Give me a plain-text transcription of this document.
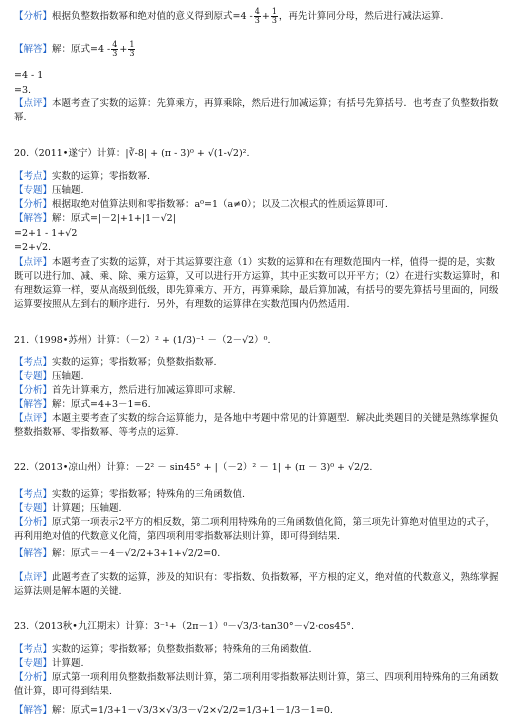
【分析】根据负整数指数幂和绝对值的意义得到原式$=4 - \frac{4}{3} + \frac{1}{3}$ ，再先计算同分母，然后进行减法运算.
【解答】解：原式$=4 - \frac{4}{3} + \frac{1}{3}$
=4 - 1
=3.
【点评】本题考查了实数的运算：先算乘方，再算乘除，然后进行加减运算；有括号先算括号．也考查了负整数指数
幂.
20.（2011•遂宁）计算：|∛-8| + (π - 3)⁰ + √(1-√2)².
【考点】实数的运算；零指数幂.
【专题】压轴题.
【分析】根据取绝对值算法则和零指数幂：a⁰=1（a≠0）；以及二次根式的性质运算即可.
【解答】解：原式=|－2|+1+|1－√2|
=2+1 - 1+√2
=2+√2.
【点评】本题考查了实数的运算，对于其运算要注意（1）实数的运算和在有理数范围内一样，值得一提的是，实数
既可以进行加、减、乘、除、乘方运算，又可以进行开方运算，其中正实数可以开平方；（2）在进行实数运算时，和
有理数运算一样，要从高级到低级，即先算乘方、开方，再算乘除，最后算加减，有括号的要先算括号里面的，同级
运算要按照从左到右的顺序进行．另外，有理数的运算律在实数范围内仍然适用.
21.（1998•苏州）计算：（－2）² + (1/3)⁻¹ －（2－√2）⁰.
【考点】实数的运算；零指数幂；负整数指数幂.
【专题】压轴题.
【分析】首先计算乘方，然后进行加减运算即可求解.
【解答】解：原式=4+3－1=6.
【点评】本题主要考查了实数的综合运算能力，是各地中考题中常见的计算题型．解决此类题目的关键是熟练掌握负
整数指数幂、零指数幂、等考点的运算.
22.（2013•凉山州）计算：－2² － sin45° + |（－2）² － 1| + (π － 3)⁰ + √2/2.
【考点】实数的运算；零指数幂；特殊角的三角函数值.
【专题】计算题；压轴题.
【分析】原式第一项表示2平方的相反数，第二项利用特殊角的三角函数值化简，第三项先计算绝对值里边的式子，
再利用绝对值的代数意义化简，第四项利用零指数幂法则计算，即可得到结果.
【解答】解：原式＝－4－√2/2+3+1+√2/2=0.
【点评】此题考查了实数的运算，涉及的知识有：零指数、负指数幂，平方根的定义，绝对值的代数意义，熟练掌握
运算法则是解本题的关键.
23.（2013秋•九江期末）计算：3⁻¹+（2π－1）⁰－√3/3·tan30°－√2·cos45°.
【考点】实数的运算；零指数幂；负整数指数幂；特殊角的三角函数值.
【专题】计算题.
【分析】原式第一项利用负整数指数幂法则计算，第二项利用零指数幂法则计算，第三、四项利用特殊角的三角函数
值计算，即可得到结果.
【解答】解：原式=1/3+1－√3/3×√3/3－√2×√2/2=1/3+1－1/3－1=0.
